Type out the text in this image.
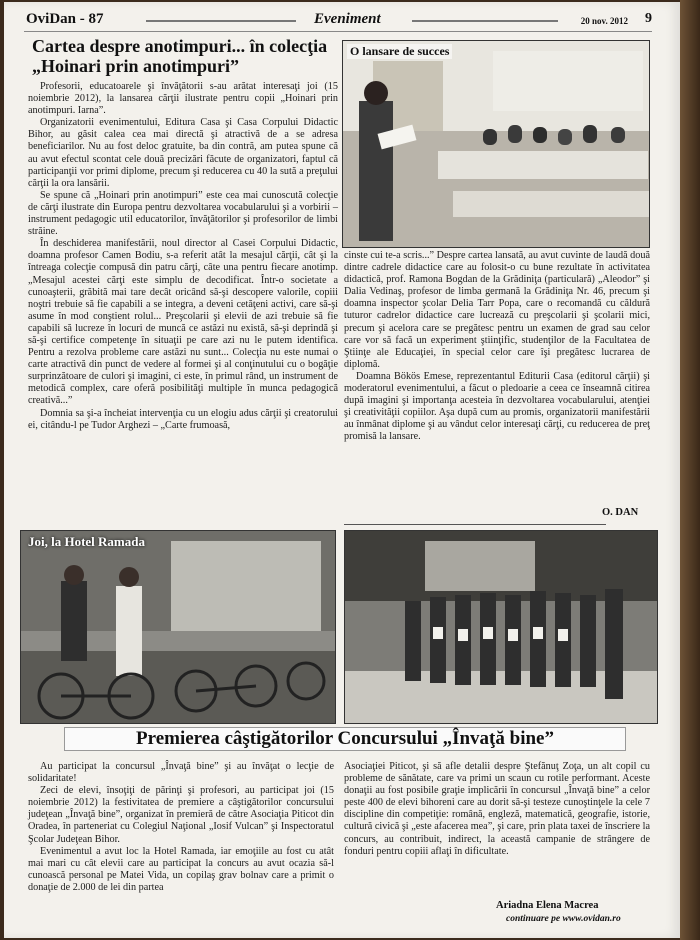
OviDan - 87	Eveniment	20 nov. 2012 9
Cartea despre anotimpuri... în colecţia „Hoinari prin anotimpuri”

Profesorii, educatoarele şi învăţătorii s-au arătat interesaţi joi (15 noiembrie 2012), la lansarea cărţii ilustrate pentru copii „Hoinari prin anotimpuri. Iarna”.

Organizatorii evenimentului, Editura Casa şi Casa Corpului Didactic Bihor, au găsit calea cea mai directă şi atractivă de a se adresa beneficiarilor. Nu au fost deloc gratuite, ba din contră, am putea spune că au avut efectul scontat cele două precizări făcute de organizatori, faptul că participanţii vor primi diplome, precum şi reducerea cu 40 la sută a preţului cărţii la ora lansării.

Se spune că „Hoinari prin anotimpuri” este cea mai cunoscută colecţie de cărţi ilustrate din Europa pentru dezvoltarea vocabularului şi a vorbirii – instrument pedagogic util educatorilor, învăţătorilor şi profesorilor de limbi străine.

În deschiderea manifestării, noul director al Casei Corpului Didactic, doamna profesor Camen Bodiu, s-a referit atât la mesajul cărţii, cât şi la întreaga colecţie compusă din patru cărţi, câte una pentru fiecare anotimp. „Mesajul acestei cărţi este simplu de decodificat. Într-o societate a cunoaşterii, grăbită mai tare decât oricând să-şi descopere valorile, copiii noştri trebuie să fie capabili a se integra, a deveni cetăţeni activi, care să-şi asume în mod conştient rolul... Preşcolarii şi elevii de azi trebuie să fie capabili să lucreze în locuri de muncă ce astăzi nu există, să-şi deprindă şi să-şi certifice competenţe în situaţii pe care azi nu le putem identifica. Pentru a rezolva probleme care astăzi nu sunt... Colecţia nu este numai o carte atractivă din punct de vedere al formei şi al conţinutului cu o bogăţie surprinzătoare de culori şi imagini, ci este, în primul rând, un instrument de metodică complex, care oferă posibilităţi multiple în munca pedagogică creativă...”

Domnia sa şi-a încheiat intervenţia cu un elogiu adus cărţii şi creatorului ei, citându-l pe Tudor Arghezi – „Carte frumoasă,

O lansare de succes

cinste cui te-a scris...” Despre cartea lansată, au avut cuvinte de laudă două dintre cadrele didactice care au folosit-o cu bune rezultate în activitatea didactică, prof. Ramona Bogdan de la Grădiniţa (particulară) „Aleodor” şi Dalia Vedinaş, profesor de limba germană la Grădiniţa Nr. 46, precum şi doamna inspector şcolar Delia Tarr Popa, care o recomandă cu căldură tuturor cadrelor didactice care lucrează cu preşcolarii şi şcolarii mici, precum şi acelora care se pregătesc pentru un examen de grad sau celor care vor să facă un experiment ştiinţific, studenţilor de la Facultatea de Ştiinţe ale Educaţiei, în special celor care îşi pregătesc lucrarea de diplomă.

Doamna Bökös Emese, reprezentantul Editurii Casa (editorul cărţii) şi moderatorul evenimentului, a făcut o pledoarie a ceea ce înseamnă citirea după imagini şi importanţa acesteia în dezvoltarea vocabularului, atenţiei şi creativităţii copiilor. Aşa după cum au promis, organizatorii manifestării au înmânat diplome şi au vândut celor interesaţi cărţi, cu reducerea de preţ promisă la lansare.

O. DAN
Joi, la Hotel Ramada
Premierea câştigătorilor Concursului „Învaţă bine”

Au participat la concursul „Învaţă bine” şi au învăţat o lecţie de solidaritate!

Zeci de elevi, însoţiţi de părinţi şi profesori, au participat joi (15 noiembrie 2012) la festivitatea de premiere a câştigătorilor concursului judeţean „Învaţă bine”, organizat în premieră de către Asociaţia Piticot din Oradea, în parteneriat cu Colegiul Naţional „Iosif Vulcan” şi Inspectoratul Şcolar Judeţean Bihor.

Evenimentul a avut loc la Hotel Ramada, iar emoţiile au fost cu atât mai mari cu cât elevii care au participat la concurs au avut ocazia să-l cunoască personal pe Matei Vida, un copilaş grav bolnav care a primit o donaţie de 2.000 de lei din partea

Asociaţiei Piticot, şi să afle detalii despre Ştefănuţ Zoţa, un alt copil cu probleme de sănătate, care va primi un scaun cu rotile performant. Aceste donaţii au fost posibile graţie implicării în concursul „Învaţă bine” a celor peste 400 de elevi bihoreni care au dorit să-şi testeze cunoştinţele la cele 7 discipline din competiţie: română, engleză, matematică, geografie, istorie, cultură civică şi „este afacerea mea”, şi care, prin plata taxei de înscriere la concurs, au contribuit, indirect, la această campanie de strângere de fonduri pentru copiii aflaţi în dificultate.

Ariadna Elena Macrea
continuare pe www.ovidan.ro
